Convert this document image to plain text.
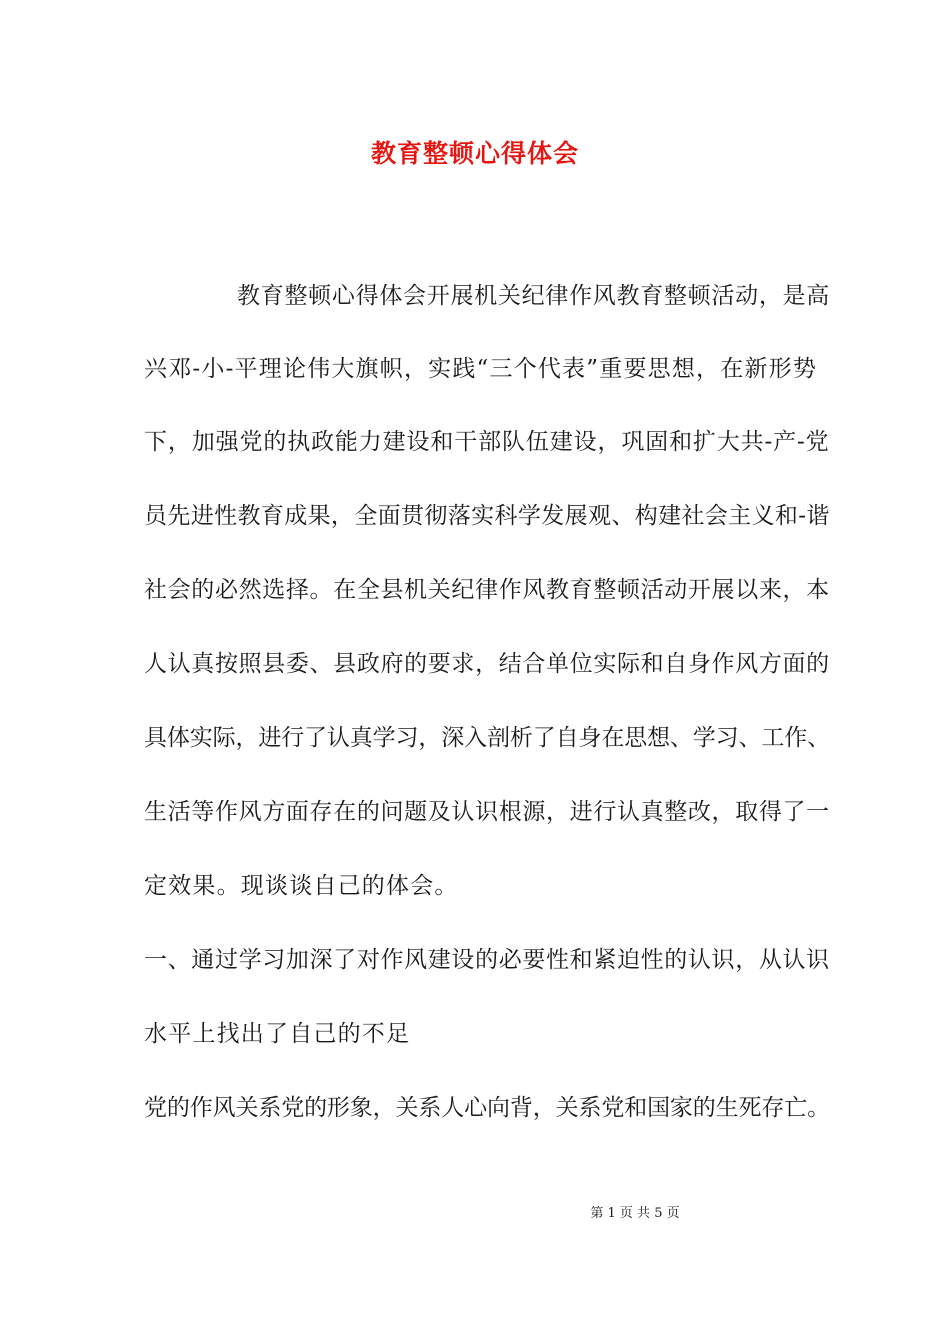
教育整顿心得体会
教育整顿心得体会开展机关纪律作风教育整顿活动，是高
兴邓-小-平理论伟大旗帜，实践“三个代表”重要思想，在新形势
下，加强党的执政能力建设和干部队伍建设，巩固和扩大共-产-党
员先进性教育成果，全面贯彻落实科学发展观、构建社会主义和-谐
社会的必然选择。在全县机关纪律作风教育整顿活动开展以来，本
人认真按照县委、县政府的要求，结合单位实际和自身作风方面的
具体实际，进行了认真学习，深入剖析了自身在思想、学习、工作、
生活等作风方面存在的问题及认识根源，进行认真整改，取得了一
定效果。现谈谈自己的体会。
一、通过学习加深了对作风建设的必要性和紧迫性的认识，从认识
水平上找出了自己的不足
党的作风关系党的形象，关系人心向背，关系党和国家的生死存亡。
第 1 页 共 5 页
